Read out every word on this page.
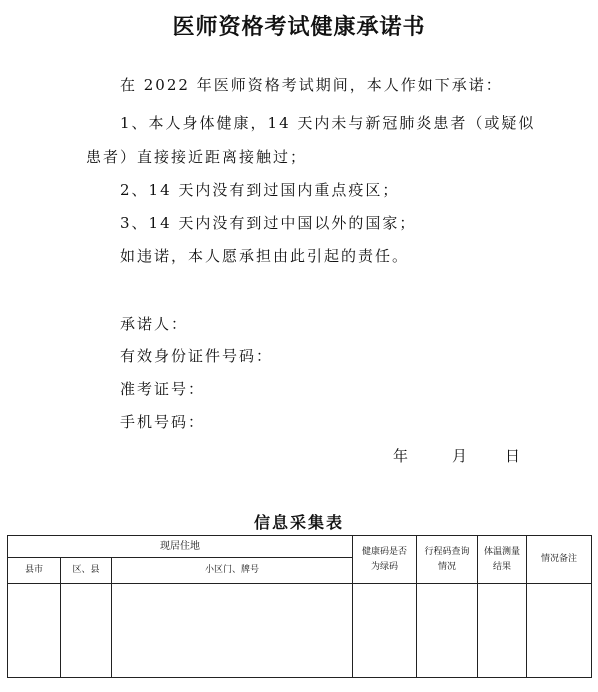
医师资格考试健康承诺书
在 2022 年医师资格考试期间，本人作如下承诺：
1、本人身体健康，14 天内未与新冠肺炎患者（或疑似
患者）直接接近距离接触过；
2、14 天内没有到过国内重点疫区；
3、14 天内没有到过中国以外的国家；
如违诺，本人愿承担由此引起的责任。
承诺人：
有效身份证件号码：
准考证号：
手机号码：
年	月	日
信息采集表
现居住地			健康码是否为绿码	行程码查询情况	体温测量结果	情况备注
县市	区、县	小区门、牌号				
